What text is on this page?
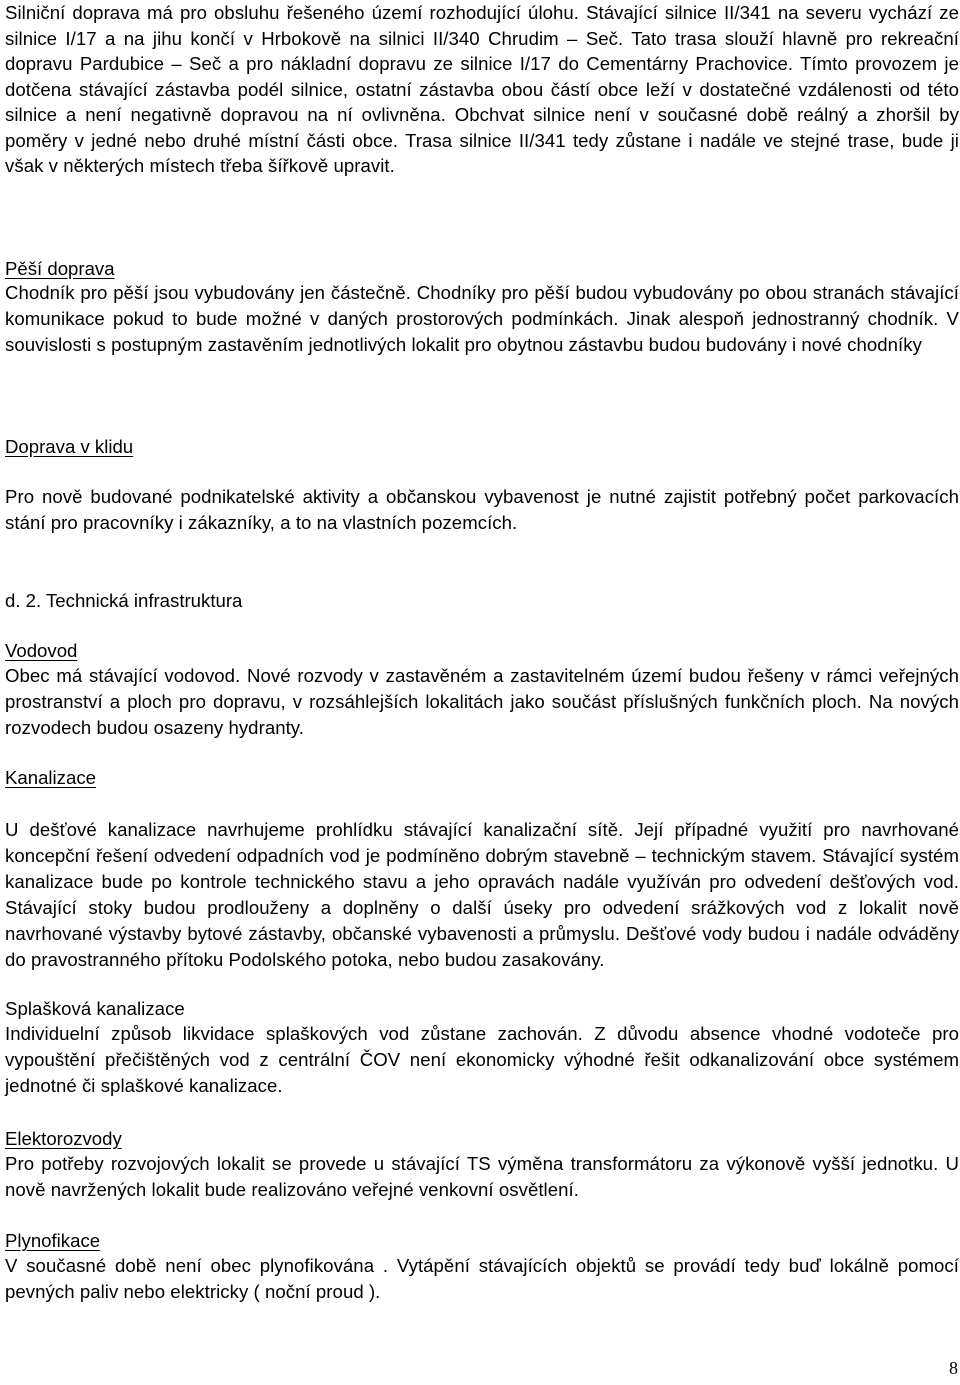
Silniční doprava má pro obsluhu řešeného území rozhodující úlohu. Stávající silnice II/341 na severu vychází ze silnice I/17 a na jihu končí v Hrbokově na silnici II/340 Chrudim – Seč. Tato trasa slouží hlavně pro rekreační dopravu Pardubice – Seč a pro nákladní dopravu ze silnice I/17 do Cementárny Prachovice. Tímto provozem je dotčena stávající zástavba podél silnice, ostatní zástavba obou částí obce leží v dostatečné vzdálenosti od této silnice a není negativně dopravou na ní ovlivněna. Obchvat silnice není v současné době reálný a zhoršil by poměry v jedné nebo druhé místní části obce. Trasa silnice II/341 tedy zůstane i nadále ve stejné trase, bude ji však v některých místech třeba šířkově upravit.

Pěší doprava

Chodník pro pěší jsou vybudovány jen částečně. Chodníky pro pěší budou vybudovány po obou stranách stávající komunikace pokud to bude možné v daných prostorových podmínkách. Jinak alespoň jednostranný chodník. V souvislosti s postupným zastavěním jednotlivých lokalit pro obytnou zástavbu budou budovány i nové chodníky

Doprava v klidu

Pro nově budované podnikatelské aktivity a občanskou vybavenost je nutné zajistit potřebný počet parkovacích stání pro pracovníky i zákazníky, a to na vlastních pozemcích.

d. 2. Technická infrastruktura

Vodovod

Obec má stávající vodovod. Nové rozvody v zastavěném a zastavitelném území budou řešeny v rámci veřejných prostranství a ploch pro dopravu, v rozsáhlejších lokalitách jako součást příslušných funkčních ploch. Na nových rozvodech budou osazeny hydranty.

Kanalizace

U dešťové kanalizace navrhujeme prohlídku stávající kanalizační sítě. Její případné využití pro navrhované koncepční řešení odvedení odpadních vod je podmíněno dobrým stavebně – technickým stavem. Stávající systém kanalizace bude po kontrole technického stavu a jeho opravách nadále využíván pro odvedení dešťových vod. Stávající stoky budou prodlouženy a doplněny o další úseky pro odvedení srážkových vod z lokalit nově navrhované výstavby bytové zástavby, občanské vybavenosti a průmyslu. Dešťové vody budou i nadále odváděny do pravostranného přítoku Podolského potoka, nebo budou zasakovány.

Splašková kanalizace

Individuelní způsob likvidace splaškových vod zůstane zachován. Z důvodu absence vhodné vodoteče pro vypouštění přečištěných vod z centrální ČOV není ekonomicky výhodné řešit odkanalizování obce systémem jednotné či splaškové kanalizace.

Elektorozvody

Pro potřeby rozvojových lokalit se provede u stávající TS výměna transformátoru za výkonově vyšší jednotku. U nově navržených lokalit bude realizováno veřejné venkovní osvětlení.

Plynofikace

V současné době není obec plynofikována . Vytápění stávajících objektů se provádí tedy buď lokálně pomocí pevných paliv nebo elektricky ( noční proud ).

8
